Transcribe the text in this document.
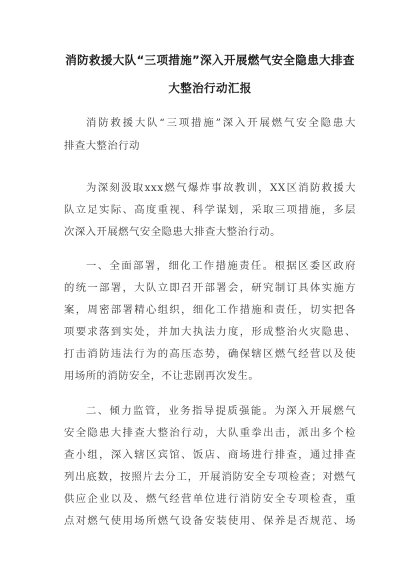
消防救援大队“三项措施”深入开展燃气安全隐患大排查
大整治行动汇报
消防救援大队“三项措施”深入开展燃气安全隐患大
排查大整治行动
为深刻汲取xxx燃气爆炸事故教训，XX区消防救援大
队立足实际、高度重视、科学谋划，采取三项措施，多层
次深入开展燃气安全隐患大排查大整治行动。
一、全面部署，细化工作措施责任。根据区委区政府
的统一部署，大队立即召开部署会，研究制订具体实施方
案，周密部署精心组织，细化工作措施和责任，切实把各
项要求落到实处，并加大执法力度，形成整治火灾隐患、
打击消防违法行为的高压态势，确保辖区燃气经营以及使
用场所的消防安全，不让悲剧再次发生。
二、倾力监管，业务指导提质强能。为深入开展燃气
安全隐患大排查大整治行动，大队重拳出击，派出多个检
查小组，深入辖区宾馆、饭店、商场进行排查，通过排查
列出底数，按照片去分工，开展消防安全专项检查；对燃气
供应企业以及、燃气经营单位进行消防安全专项检查，重
点对燃气使用场所燃气设备安装使用、保养是否规范、场
